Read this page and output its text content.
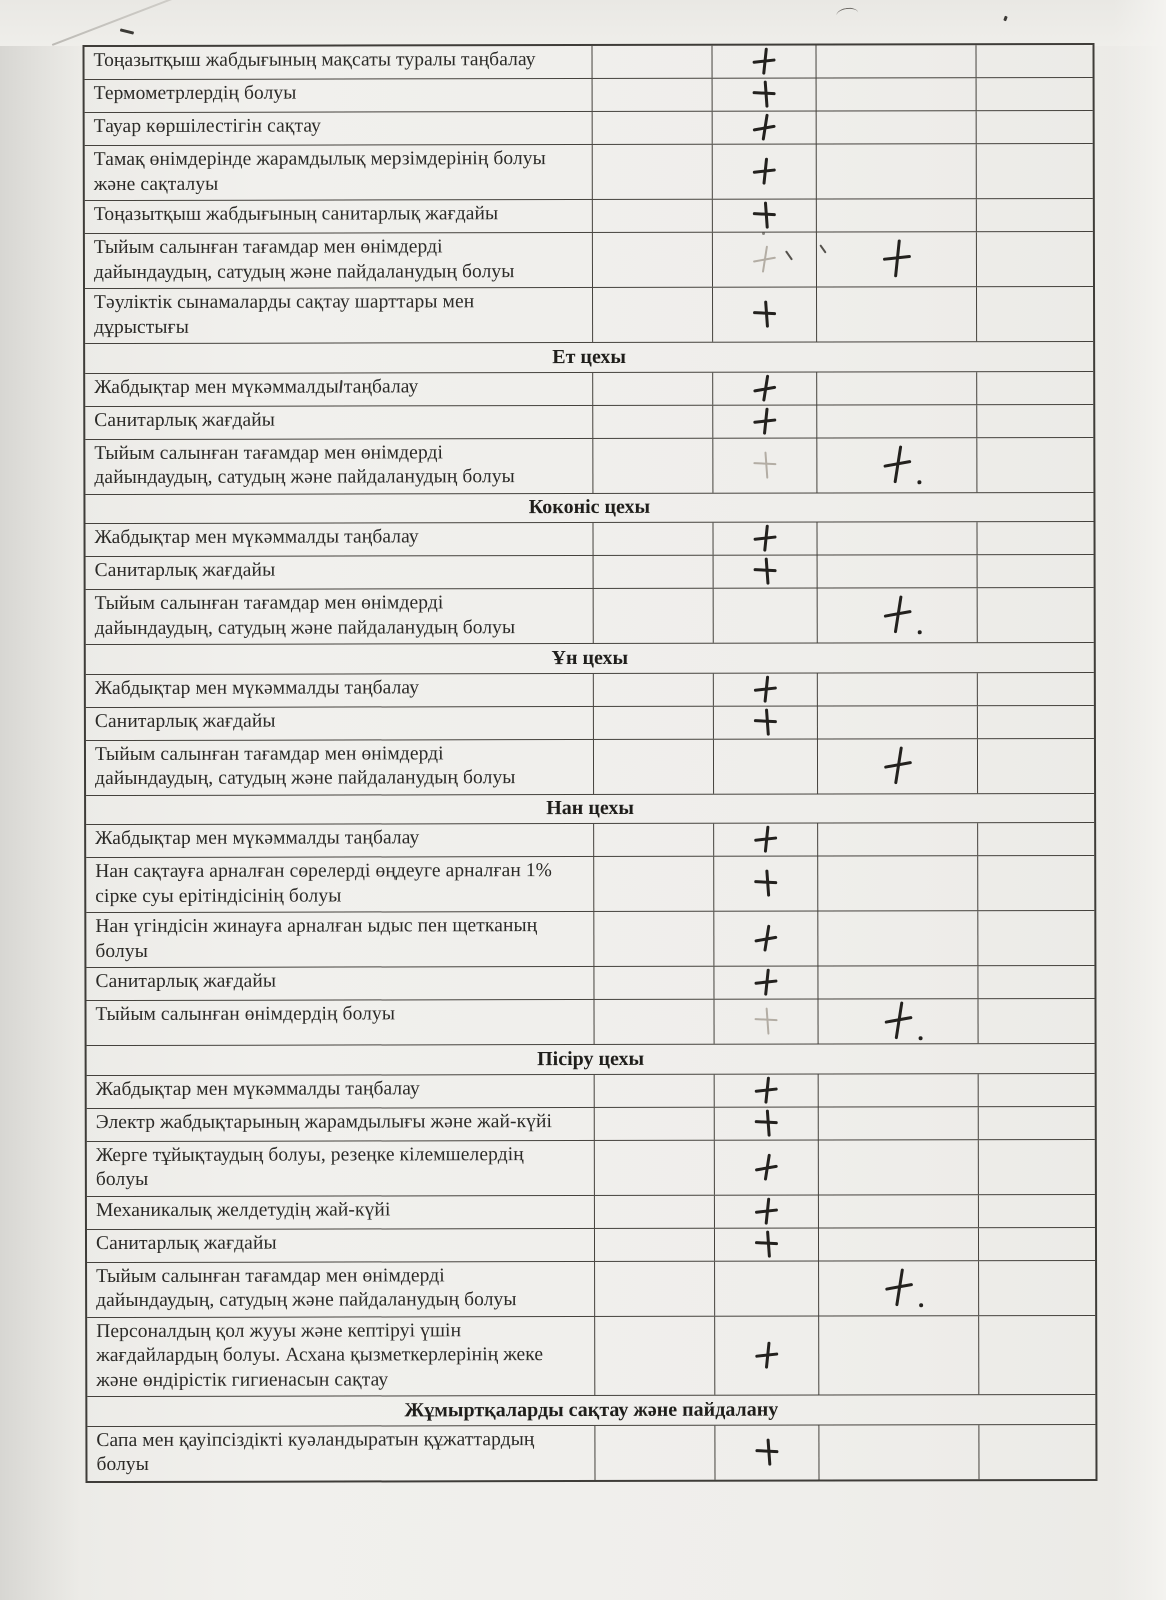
Тоңазытқыш жабдығының мақсаты туралы таңбалау
Термометрлердің болуы
Тауар көршілестігін сақтау
Тамақ өнімдерінде жарамдылық мерзімдерінің болуы және сақталуы
Тоңазытқыш жабдығының санитарлық жағдайы
Тыйым салынған тағамдар мен өнімдерді дайындаудың, сатудың және пайдаланудың болуы
Тәуліктік сынамаларды сақтау шарттары мен дұрыстығы
Ет цехы
Жабдықтар мен мүкәммалды таңбалау
Санитарлық жағдайы
Тыйым салынған тағамдар мен өнімдерді дайындаудың, сатудың және пайдаланудың болуы
Коконіс цехы
Жабдықтар мен мүкәммалды таңбалау
Санитарлық жағдайы
Тыйым салынған тағамдар мен өнімдерді дайындаудың, сатудың және пайдаланудың болуы
Ұн цехы
Жабдықтар мен мүкәммалды таңбалау
Санитарлық жағдайы
Тыйым салынған тағамдар мен өнімдерді дайындаудың, сатудың және пайдаланудың болуы
Нан цехы
Жабдықтар мен мүкәммалды таңбалау
Нан сақтауға арналған сөрелерді өңдеуге арналған 1% сірке суы ерітіндісінің болуы
Нан үгіндісін жинауға арналған ыдыс пен щетканың болуы
Санитарлық жағдайы
Тыйым салынған өнімдердің болуы
Пісіру цехы
Жабдықтар мен мүкәммалды таңбалау
Электр жабдықтарының жарамдылығы және жай-күйі
Жерге тұйықтаудың болуы, резеңке кілемшелердің болуы
Механикалық желдетудің жай-күйі
Санитарлық жағдайы
Тыйым салынған тағамдар мен өнімдерді дайындаудың, сатудың және пайдаланудың болуы
Персоналдың қол жууы және кептіруі үшін жағдайлардың болуы. Асхана қызметкерлерінің жеке және өндірістік гигиенасын сақтау
Жұмыртқаларды сақтау және пайдалану
Сапа мен қауіпсіздікті куәландыратын құжаттардың болуы
